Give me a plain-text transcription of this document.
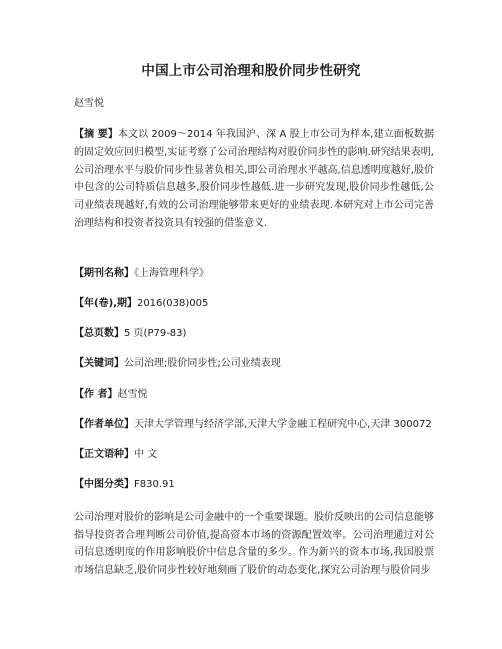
中国上市公司治理和股价同步性研究
赵雪悦
【摘 要】本文以 2009～2014 年我国沪、深 A 股上市公司为样本,建立面板数据的固定效应回归模型,实证考察了公司治理结构对股价同步性的影响.研究结果表明,公司治理水平与股价同步性显著负相关,即公司治理水平越高,信息透明度越好,股价中包含的公司特质信息越多,股价同步性越低.进一步研究发现,股价同步性越低,公司业绩表现越好,有效的公司治理能够带来更好的业绩表现.本研究对上市公司完善治理结构和投资者投资具有较强的借鉴意义.
【期刊名称】《上海管理科学》
【年(卷),期】2016(038)005
【总页数】5 页(P79-83)
【关键词】公司治理;股价同步性;公司业绩表现
【作 者】赵雪悦
【作者单位】天津大学管理与经济学部,天津大学金融工程研究中心,天津 300072
【正文语种】中 文
【中图分类】F830.91
公司治理对股价的影响是公司金融中的一个重要课题。股价反映出的公司信息能够指导投资者合理判断公司价值,提高资本市场的资源配置效率。公司治理通过对公司信息透明度的作用影响股价中信息含量的多少。作为新兴的资本市场,我国股票市场信息缺乏,股价同步性较好地刻画了股价的动态变化,探究公司治理与股价同步
